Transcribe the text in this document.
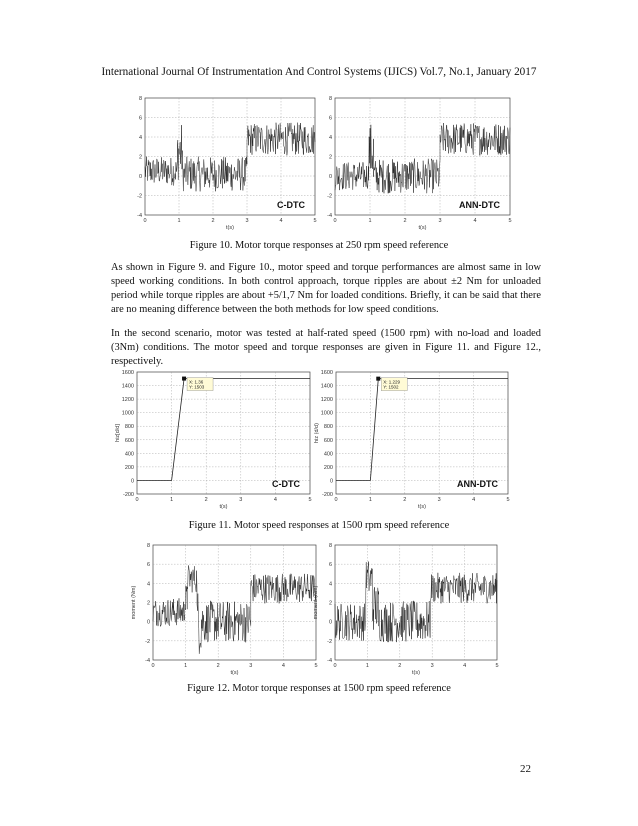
International Journal Of Instrumentation And Control Systems (IJICS) Vol.7, No.1, January 2017
0	1	2	3	4	5
-4
-2
0
2
4
6
8
t(s)
C-DTC
0	1	2	3	4	5
-4
-2
0
2
4
6
8
t(s)
ANN-DTC
Figure 10. Motor torque responses at 250 rpm speed reference

As shown in Figure 9. and Figure 10., motor speed and torque performances are almost same in low speed working conditions. In both control approach, torque ripples are about ±2 Nm for unloaded period while torque ripples are about +5/1,7 Nm for loaded conditions. Briefly, it can be said that there are no meaning difference between the both methods for low speed conditions.

In the second scenario, motor was tested at half-rated speed (1500 rpm) with no-load and loaded (3Nm) conditions. The motor speed and torque responses are given in Figure 11. and Figure 12., respectively.

0	1	2	3	4	5
-200
0
200
400
600
800
1000
1200
1400
1600
t(s)
hiz[d/d]
X: 1.36
Y: 1503
C-DTC
0	1	2	3	4	5
-200
0
200
400
600
800
1000
1200
1400
1600
t(s)
hiz (d/d)
X: 1.229
Y: 1502
ANN-DTC
Figure 11. Motor speed responses at 1500 rpm speed reference
0	1	2	3	4	5
-4
-2
0
2
4
6
8
t(s)
moment (Nm)
0	1	2	3	4	5
-4
-2
0
2
4
6
8
t(s)
moment (Nm)
Figure 12. Motor torque responses at 1500 rpm speed reference
22
